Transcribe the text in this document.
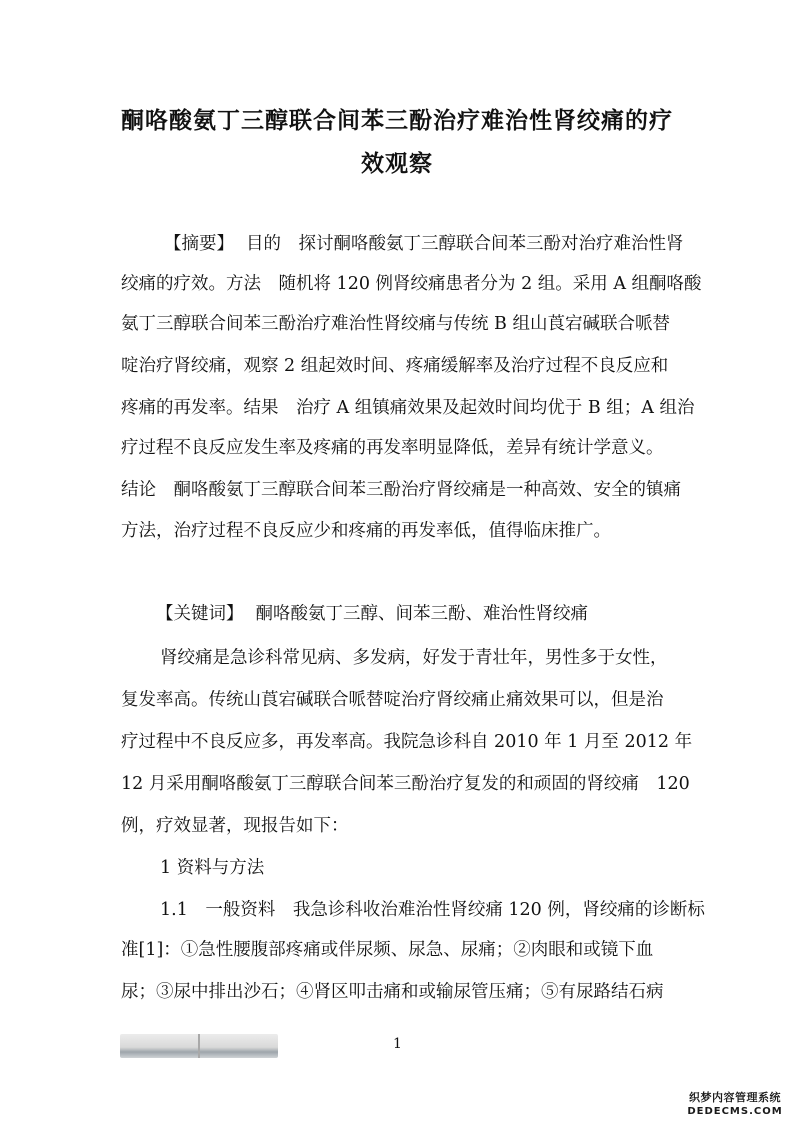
酮咯酸氨丁三醇联合间苯三酚治疗难治性肾绞痛的疗
效观察
【摘要】 目的　探讨酮咯酸氨丁三醇联合间苯三酚对治疗难治性肾
绞痛的疗效。方法　随机将 120 例肾绞痛患者分为 2 组。采用 A 组酮咯酸
氨丁三醇联合间苯三酚治疗难治性肾绞痛与传统 B 组山莨宕碱联合哌替
啶治疗肾绞痛，观察 2 组起效时间、疼痛缓解率及治疗过程不良反应和
疼痛的再发率。结果　治疗 A 组镇痛效果及起效时间均优于 B 组；A 组治
疗过程不良反应发生率及疼痛的再发率明显降低，差异有统计学意义。
结论　酮咯酸氨丁三醇联合间苯三酚治疗肾绞痛是一种高效、安全的镇痛
方法，治疗过程不良反应少和疼痛的再发率低，值得临床推广。
【关键词】 酮咯酸氨丁三醇、间苯三酚、难治性肾绞痛
肾绞痛是急诊科常见病、多发病，好发于青壮年，男性多于女性，
复发率高。传统山莨宕碱联合哌替啶治疗肾绞痛止痛效果可以，但是治
疗过程中不良反应多，再发率高。我院急诊科自 2010 年 1 月至 2012 年
12 月采用酮咯酸氨丁三醇联合间苯三酚治疗复发的和顽固的肾绞痛　120
例，疗效显著，现报告如下：
1 资料与方法
1.1　一般资料　我急诊科收治难治性肾绞痛 120 例，肾绞痛的诊断标
准[1]：①急性腰腹部疼痛或伴尿频、尿急、尿痛；②肉眼和或镜下血
尿；③尿中排出沙石；④肾区叩击痛和或输尿管压痛；⑤有尿路结石病
1
织梦内容管理系统
DEDECMS.COM
